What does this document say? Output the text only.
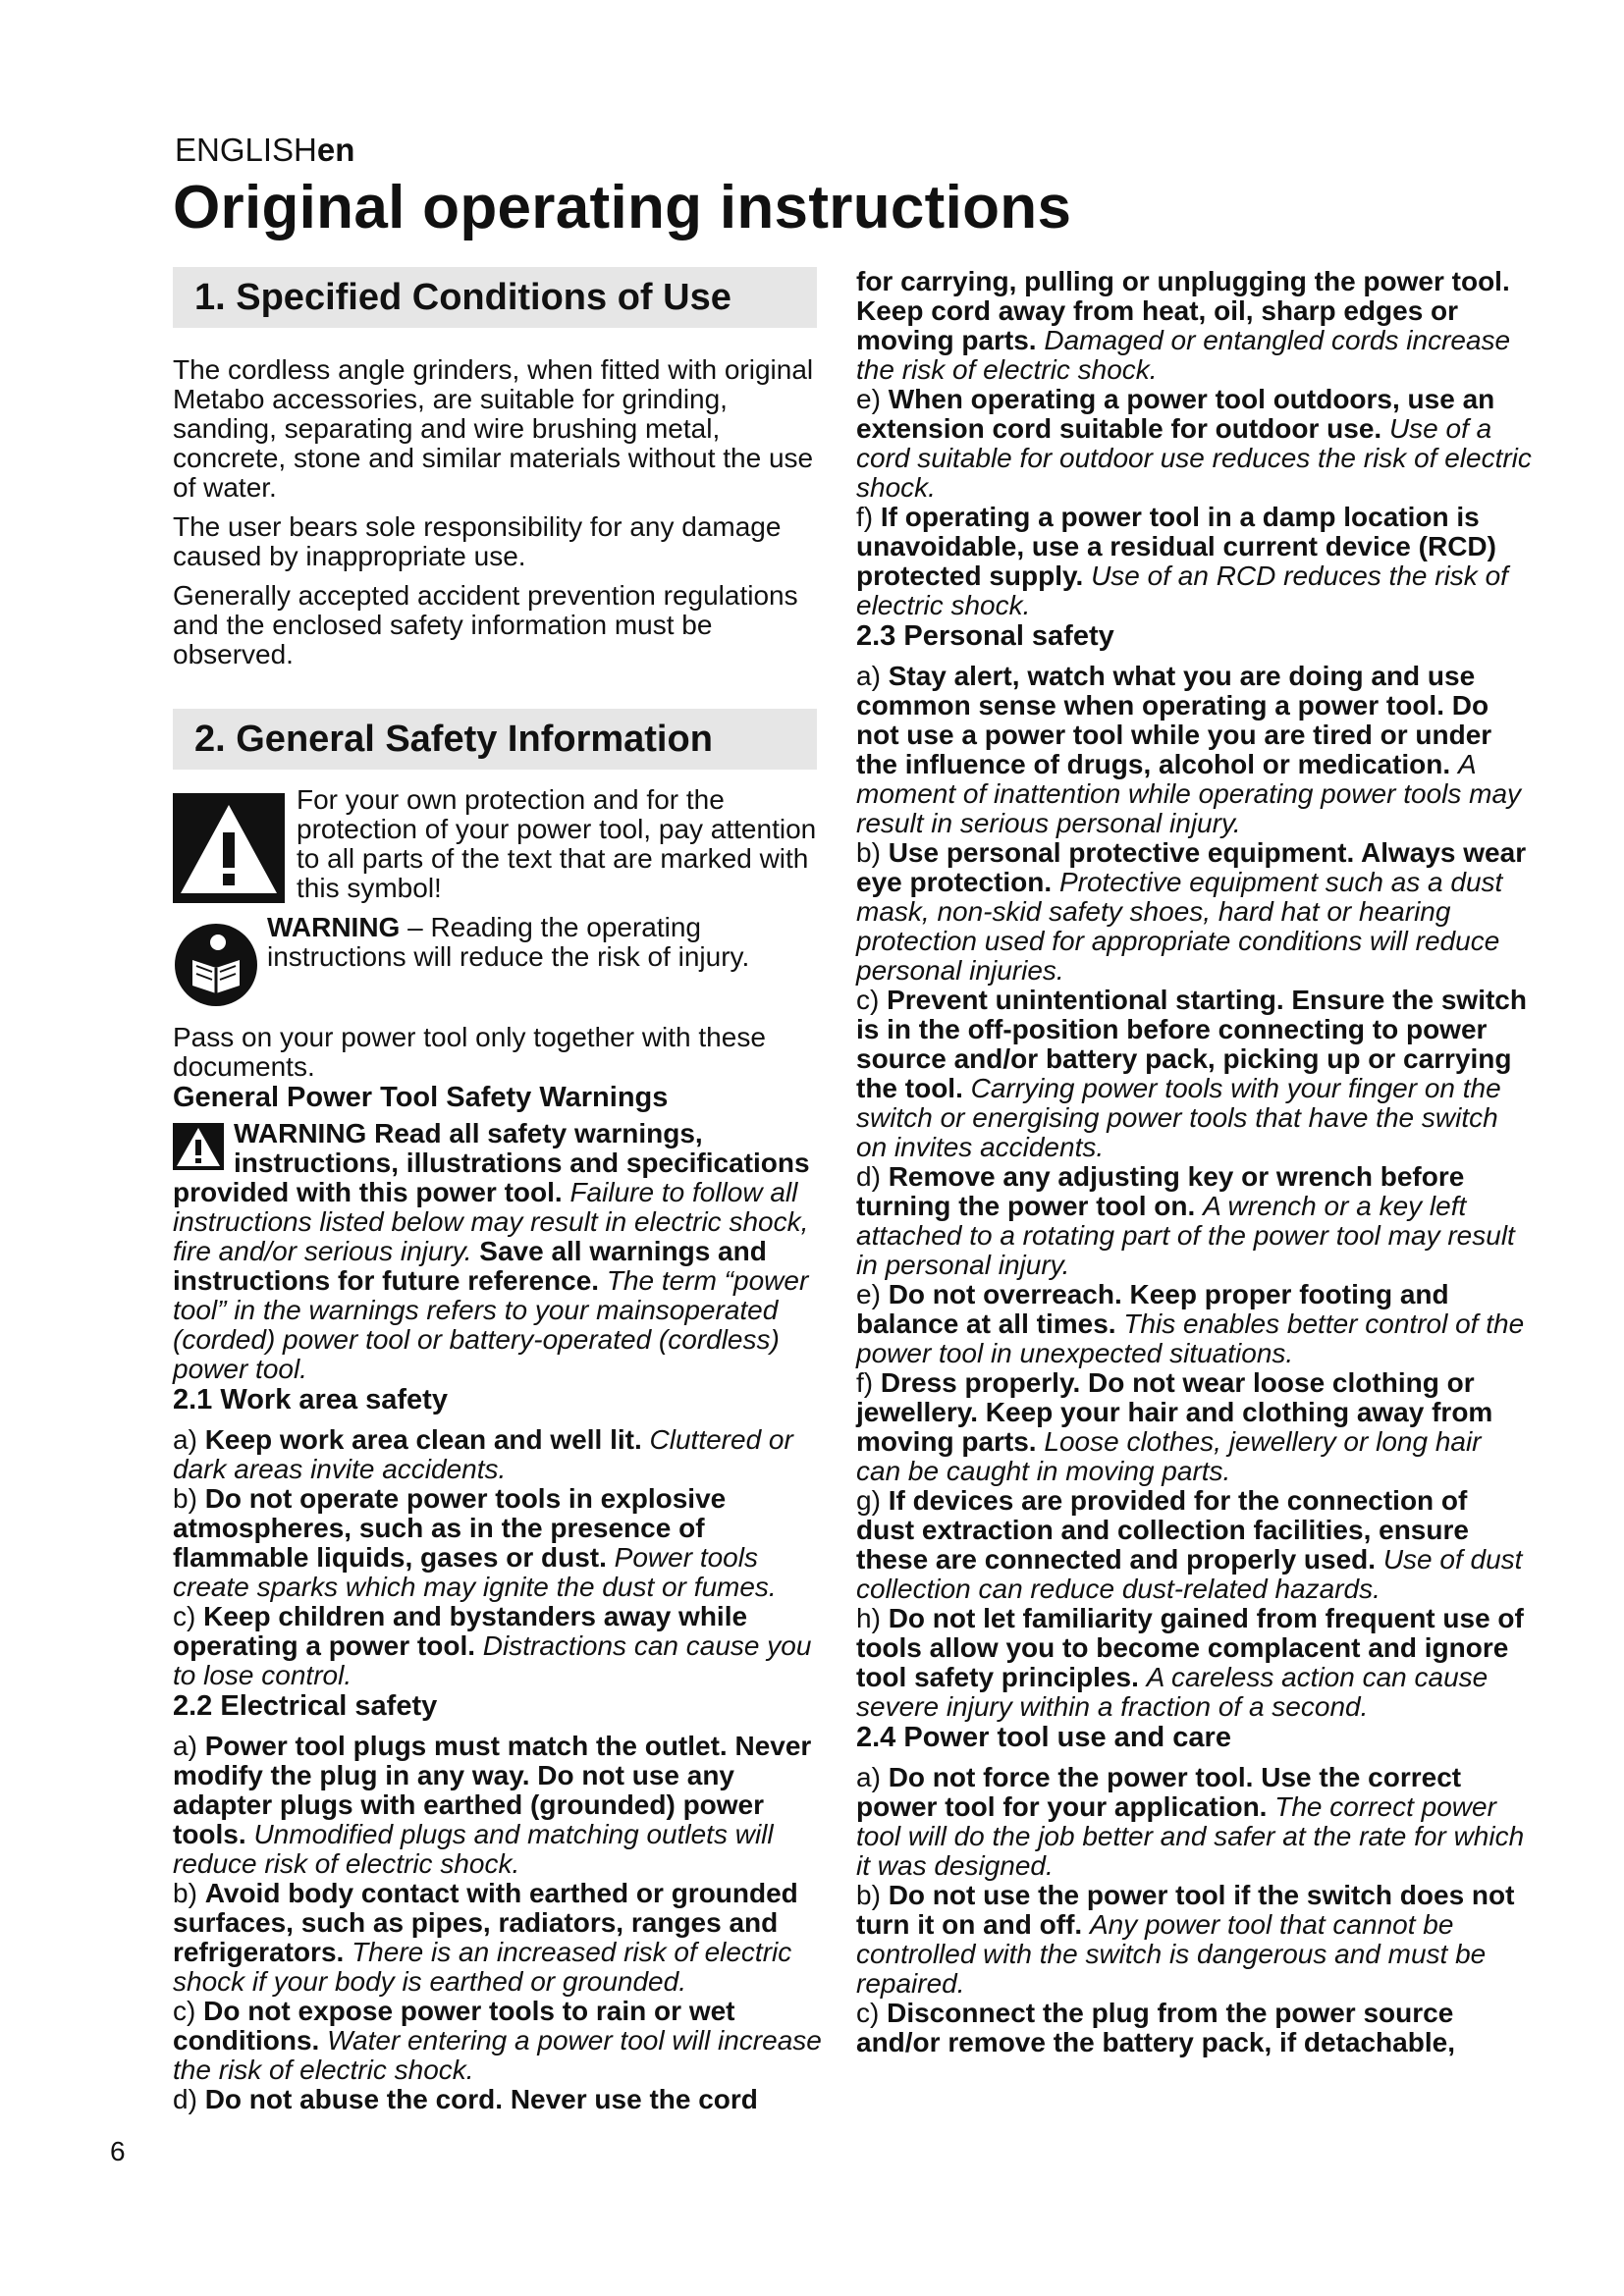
ENGLISHen
Original operating instructions
1. Specified Conditions of Use

The cordless angle grinders, when fitted with original Metabo accessories, are suitable for grinding, sanding, separating and wire brushing metal, concrete, stone and similar materials without the use of water.

The user bears sole responsibility for any damage caused by inappropriate use.

Generally accepted accident prevention regulations and the enclosed safety information must be observed.

2. General Safety Information

For your own protection and for the protection of your power tool, pay attention to all parts of the text that are marked with this symbol!

WARNING – Reading the operating instructions will reduce the risk of injury.

Pass on your power tool only together with these documents.

General Power Tool Safety Warnings

WARNING Read all safety warnings, instructions, illustrations and specifications provided with this power tool. Failure to follow all instructions listed below may result in electric shock, fire and/or serious injury. Save all warnings and instructions for future reference. The term “power tool” in the warnings refers to your mainsoperated (corded) power tool or battery-operated (cordless) power tool.

2.1 Work area safety

a) Keep work area clean and well lit. Cluttered or dark areas invite accidents.

b) Do not operate power tools in explosive atmospheres, such as in the presence of flammable liquids, gases or dust. Power tools create sparks which may ignite the dust or fumes.

c) Keep children and bystanders away while operating a power tool. Distractions can cause you to lose control.

2.2 Electrical safety

a) Power tool plugs must match the outlet. Never modify the plug in any way. Do not use any adapter plugs with earthed (grounded) power tools. Unmodified plugs and matching outlets will reduce risk of electric shock.

b) Avoid body contact with earthed or grounded surfaces, such as pipes, radiators, ranges and refrigerators. There is an increased risk of electric shock if your body is earthed or grounded.

c) Do not expose power tools to rain or wet conditions. Water entering a power tool will increase the risk of electric shock.

d) Do not abuse the cord. Never use the cord

for carrying, pulling or unplugging the power tool. Keep cord away from heat, oil, sharp edges or moving parts. Damaged or entangled cords increase the risk of electric shock.

e) When operating a power tool outdoors, use an extension cord suitable for outdoor use. Use of a cord suitable for outdoor use reduces the risk of electric shock.

f) If operating a power tool in a damp location is unavoidable, use a residual current device (RCD) protected supply. Use of an RCD reduces the risk of electric shock.

2.3 Personal safety

a) Stay alert, watch what you are doing and use common sense when operating a power tool. Do not use a power tool while you are tired or under the influence of drugs, alcohol or medication. A moment of inattention while operating power tools may result in serious personal injury.

b) Use personal protective equipment. Always wear eye protection. Protective equipment such as a dust mask, non-skid safety shoes, hard hat or hearing protection used for appropriate conditions will reduce personal injuries.

c) Prevent unintentional starting. Ensure the switch is in the off-position before connecting to power source and/or battery pack, picking up or carrying the tool. Carrying power tools with your finger on the switch or energising power tools that have the switch on invites accidents.

d) Remove any adjusting key or wrench before turning the power tool on. A wrench or a key left attached to a rotating part of the power tool may result in personal injury.

e) Do not overreach. Keep proper footing and balance at all times. This enables better control of the power tool in unexpected situations.

f) Dress properly. Do not wear loose clothing or jewellery. Keep your hair and clothing away from moving parts. Loose clothes, jewellery or long hair can be caught in moving parts.

g) If devices are provided for the connection of dust extraction and collection facilities, ensure these are connected and properly used. Use of dust collection can reduce dust-related hazards.

h) Do not let familiarity gained from frequent use of tools allow you to become complacent and ignore tool safety principles. A careless action can cause severe injury within a fraction of a second.

2.4 Power tool use and care

a) Do not force the power tool. Use the correct power tool for your application. The correct power tool will do the job better and safer at the rate for which it was designed.

b) Do not use the power tool if the switch does not turn it on and off. Any power tool that cannot be controlled with the switch is dangerous and must be repaired.

c) Disconnect the plug from the power source and/or remove the battery pack, if detachable,

6
